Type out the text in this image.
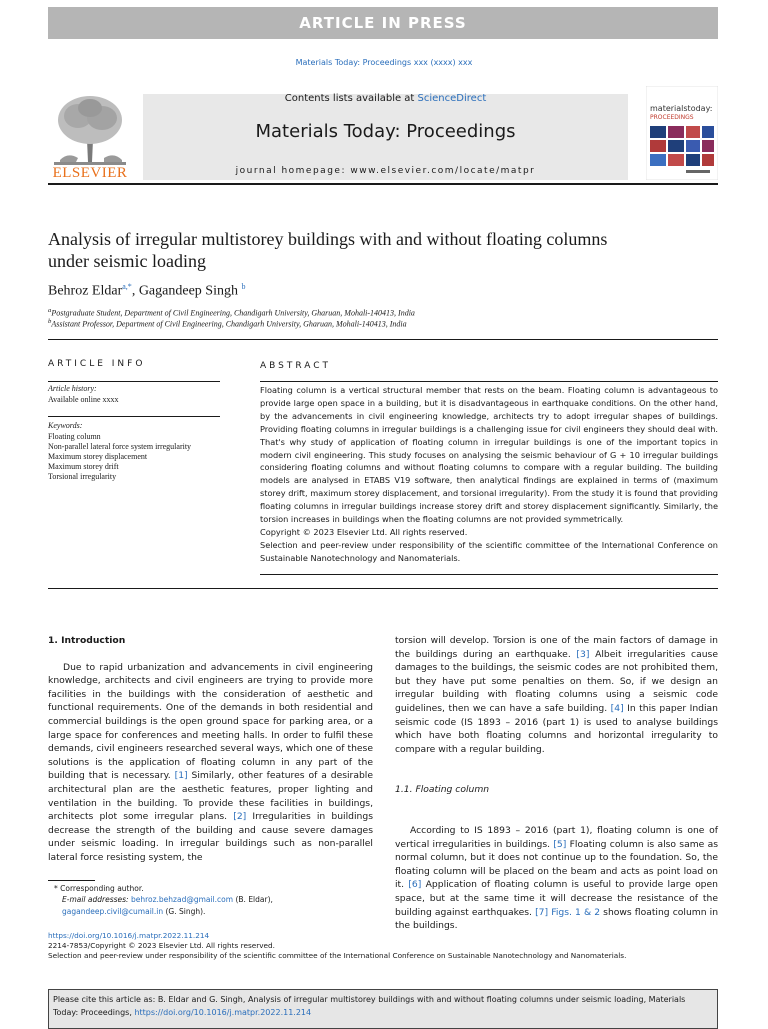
ARTICLE IN PRESS
Materials Today: Proceedings xxx (xxxx) xxx
ELSEVIER
Contents lists available at ScienceDirect
Materials Today: Proceedings
journal homepage: www.elsevier.com/locate/matpr
materialstoday:
PROCEEDINGS
Analysis of irregular multistorey buildings with and without floating columns under seismic loading
Behroz Eldar$^{a,*}$, Gagandeep Singh $^b$
$^a$Postgraduate Student, Department of Civil Engineering, Chandigarh University, Gharuan, Mohali-140413, India
$^b$Assistant Professor, Department of Civil Engineering, Chandigarh University, Gharuan, Mohali-140413, India
ARTICLE INFO
Article history:
Available online xxxx
Keywords:
Floating column
Non-parallel lateral force system irregularity
Maximum storey displacement
Maximum storey drift
Torsional irregularity
ABSTRACT

Floating column is a vertical structural member that rests on the beam. Floating column is advantageous to provide large open space in a building, but it is disadvantageous in earthquake conditions. On the other hand, by the advancements in civil engineering knowledge, architects try to adopt irregular shapes of buildings. Providing floating columns in irregular buildings is a challenging issue for civil engineers they should deal with. That's why study of application of floating column in irregular buildings is one of the important topics in modern civil engineering. This study focuses on analysing the seismic behaviour of G + 10 irregular buildings considering floating columns and without floating columns to compare with a regular building. The building models are analysed in ETABS V19 software, then analytical findings are explained in terms of (maximum storey drift, maximum storey displacement, and torsional irregularity). From the study it is found that providing floating columns in irregular buildings increase storey drift and storey displacement significantly. Similarly, the torsion increases in buildings when the floating columns are not provided symmetrically.

Copyright © 2023 Elsevier Ltd. All rights reserved.

Selection and peer-review under responsibility of the scientific committee of the International Conference on Sustainable Nanotechnology and Nanomaterials.

1. Introduction

Due to rapid urbanization and advancements in civil engineering knowledge, architects and civil engineers are trying to provide more facilities in the buildings with the consideration of aesthetic and functional requirements. One of the demands in both residential and commercial buildings is the open ground space for parking area, or a large space for conferences and meeting halls. In order to fulfil these demands, civil engineers researched several ways, which one of these solutions is the application of floating column in any part of the building that is necessary. [1] Similarly, other features of a desirable architectural plan are the aesthetic features, proper lighting and ventilation in the building. To provide these facilities in buildings, architects plot some irregular plans. [2] Irregularities in buildings decrease the strength of the building and cause severe damages under seismic loading. In irregular buildings such as non-parallel lateral force resisting system, the

torsion will develop. Torsion is one of the main factors of damage in the buildings during an earthquake. [3] Albeit irregularities cause damages to the buildings, the seismic codes are not prohibited them, but they have put some penalties on them. So, if we design an irregular building with floating columns using a seismic code guidelines, then we can have a safe building. [4] In this paper Indian seismic code (IS 1893 – 2016 (part 1) is used to analyse buildings which have both floating columns and horizontal irregularity to compare with a regular building.

1.1. Floating column

According to IS 1893 – 2016 (part 1), floating column is one of vertical irregularities in buildings. [5] Floating column is also same as normal column, but it does not continue up to the foundation. So, the floating column will be placed on the beam and acts as point load on it. [6] Application of floating column is useful to provide large open space, but at the same time it will decrease the resistance of the building against earthquakes. [7] Figs. 1 & 2 shows floating column in the buildings.

* Corresponding author.
E-mail addresses: behroz.behzad@gmail.com (B. Eldar), gagandeep.civil@cumail.in (G. Singh).
https://doi.org/10.1016/j.matpr.2022.11.214
2214-7853/Copyright © 2023 Elsevier Ltd. All rights reserved.
Selection and peer-review under responsibility of the scientific committee of the International Conference on Sustainable Nanotechnology and Nanomaterials.
Please cite this article as: B. Eldar and G. Singh, Analysis of irregular multistorey buildings with and without floating columns under seismic loading, Materials Today: Proceedings, https://doi.org/10.1016/j.matpr.2022.11.214
